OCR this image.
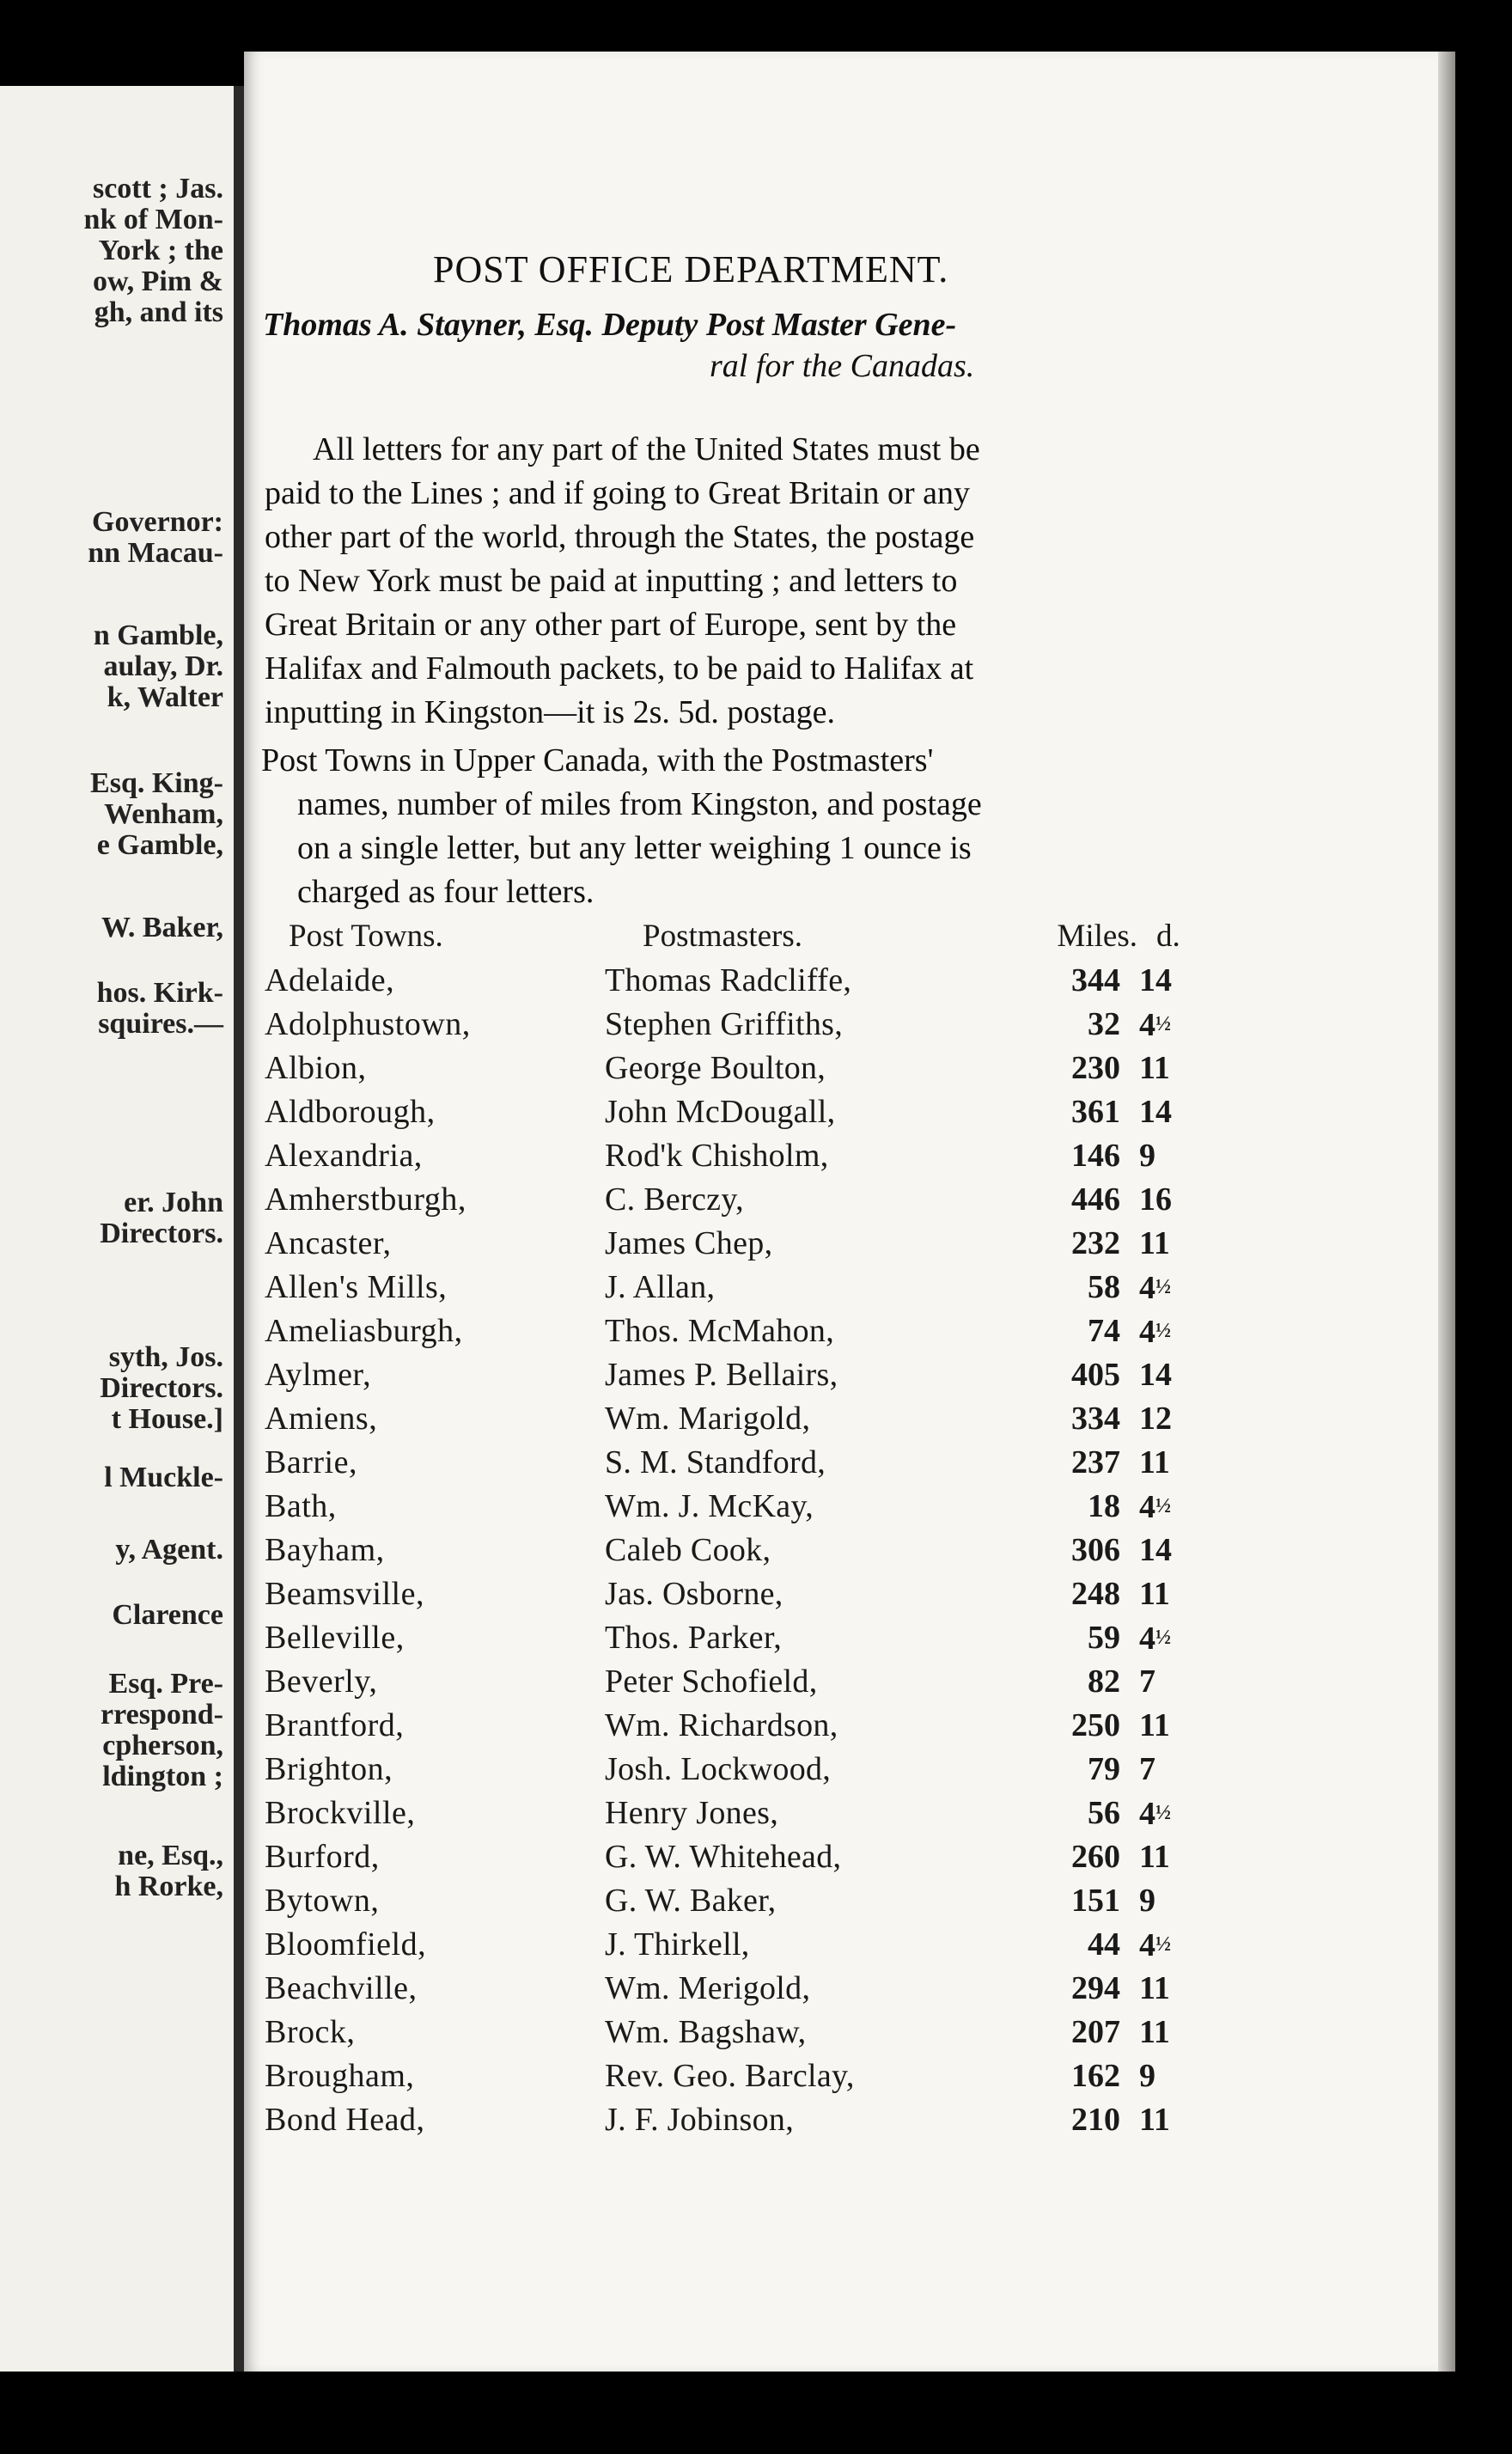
scott ; Jas.
nk of Mon-
York ; the
ow, Pim &
gh, and its
Governor:
nn Macau-
n Gamble,
aulay, Dr.
k, Walter
Esq. King-
Wenham,
e Gamble,
W. Baker,
hos. Kirk-
squires.—
er. John
Directors.
syth, Jos.
Directors.
t House.]
l Muckle-
y, Agent.
Clarence
Esq. Pre-
rrespond-
cpherson,
ldington ;
ne, Esq.,
h Rorke,
POST OFFICE DEPARTMENT.
Thomas A. Stayner, Esq. Deputy Post Master Gene-
ral for the Canadas.
All letters for any part of the United States must be
paid to the Lines ; and if going to Great Britain or any
other part of the world, through the States, the postage
to New York must be paid at inputting ; and letters to
Great Britain or any other part of Europe, sent by the
Halifax and Falmouth packets, to be paid to Halifax at
inputting in Kingston—it is 2s. 5d. postage.
Post Towns in Upper Canada, with the Postmasters'
names, number of miles from Kingston, and postage
on a single letter, but any letter weighing 1 ounce is
charged as four letters.
Post Towns.	Postmasters.	Miles. d.
Adelaide,	Thomas Radcliffe,	344 14
Adolphustown,	Stephen Griffiths,	32 4½
Albion,	George Boulton,	230 11
Aldborough,	John McDougall,	361 14
Alexandria,	Rod'k Chisholm,	146 9
Amherstburgh,	C. Berczy,	446 16
Ancaster,	James Chep,	232 11
Allen's Mills,	J. Allan,	58 4½
Ameliasburgh,	Thos. McMahon,	74 4½
Aylmer,	James P. Bellairs,	405 14
Amiens,	Wm. Marigold,	334 12
Barrie,	S. M. Standford,	237 11
Bath,	Wm. J. McKay,	18 4½
Bayham,	Caleb Cook,	306 14
Beamsville,	Jas. Osborne,	248 11
Belleville,	Thos. Parker,	59 4½
Beverly,	Peter Schofield,	82 7
Brantford,	Wm. Richardson,	250 11
Brighton,	Josh. Lockwood,	79 7
Brockville,	Henry Jones,	56 4½
Burford,	G. W. Whitehead,	260 11
Bytown,	G. W. Baker,	151 9
Bloomfield,	J. Thirkell,	44 4½
Beachville,	Wm. Merigold,	294 11
Brock,	Wm. Bagshaw,	207 11
Brougham,	Rev. Geo. Barclay,	162 9
Bond Head,	J. F. Jobinson,	210 11
